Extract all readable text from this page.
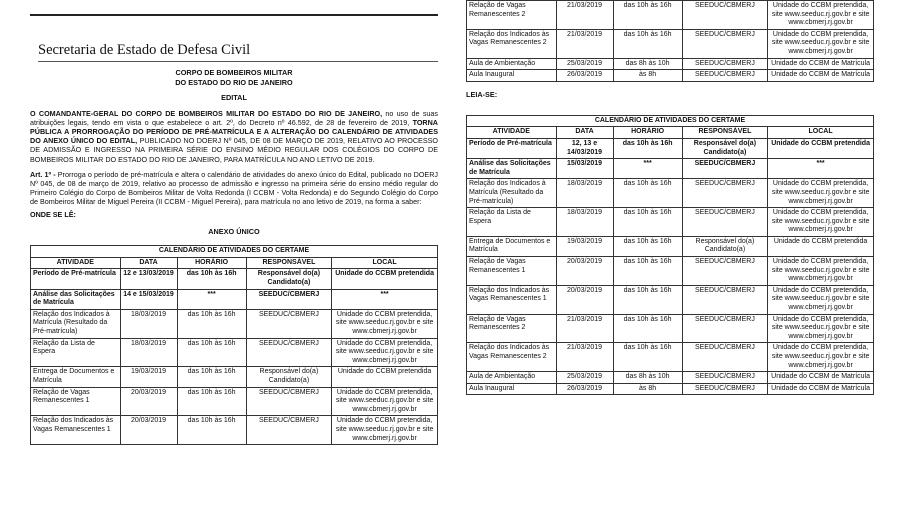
Secretaria de Estado de Defesa Civil
CORPO DE BOMBEIROS MILITAR
DO ESTADO DO RIO DE JANEIRO
EDITAL

O COMANDANTE-GERAL DO CORPO DE BOMBEIROS MILITAR DO ESTADO DO RIO DE JANEIRO, no uso de suas atribuições legais, tendo em vista o que estabelece o art. 2º, do Decreto nº 46.592, de 28 de fevereiro de 2019, TORNA PÚBLICA A PRORROGAÇÃO DO PERÍODO DE PRÉ-MATRÍCULA E A ALTERAÇÃO DO CALENDÁRIO DE ATIVIDADES DO ANEXO ÚNICO DO EDITAL, PUBLICADO NO DOERJ Nº 045, DE 08 DE MARÇO DE 2019, RELATIVO AO PROCESSO DE ADMISSÃO E INGRESSO NA PRIMEIRA SÉRIE DO ENSINO MÉDIO REGULAR DOS COLÉGIOS DO CORPO DE BOMBEIROS MILITAR DO ESTADO DO RIO DE JANEIRO, PARA MATRÍCULA NO ANO LETIVO DE 2019.

Art. 1º - Prorroga o período de pré-matrícula e altera o calendário de atividades do anexo único do Edital, publicado no DOERJ Nº 045, de 08 de março de 2019, relativo ao processo de admissão e ingresso na primeira série do ensino médio regular do Primeiro Colégio do Corpo de Bombeiros Militar de Volta Redonda (I CCBM - Volta Redonda) e do Segundo Colégio do Corpo de Bombeiros Militar de Miguel Pereira (II CCBM - Miguel Pereira), para matrícula no ano letivo de 2019, na forma a saber:

ONDE SE LÊ:
ANEXO ÚNICO
CALENDÁRIO DE ATIVIDADES DO CERTAME				
ATIVIDADE	DATA	HORÁRIO	RESPONSÁVEL	LOCAL
Período de Pré-matrícula	12 e 13/03/2019	das 10h às 16h	Responsável do(a) Candidato(a)	Unidade do CCBM pretendida
Análise das Solicitações de Matrícula	14 e 15/03/2019	***	SEEDUC/CBMERJ	***
Relação dos Indicados à Matrícula (Resultado da Pré-matrícula)	18/03/2019	das 10h às 16h	SEEDUC/CBMERJ	Unidade do CCBM pretendida, site www.seeduc.rj.gov.br e site www.cbmerj.rj.gov.br
Relação da Lista de Espera	18/03/2019	das 10h às 16h	SEEDUC/CBMERJ	Unidade do CCBM pretendida, site www.seeduc.rj.gov.br e site www.cbmerj.rj.gov.br
Entrega de Documentos e Matrícula	19/03/2019	das 10h às 16h	Responsável do(a) Candidato(a)	Unidade do CCBM pretendida
Relação de Vagas Remanescentes 1	20/03/2019	das 10h às 16h	SEEDUC/CBMERJ	Unidade do CCBM pretendida, site www.seeduc.rj.gov.br e site www.cbmerj.rj.gov.br
Relação dos Indicados às Vagas Remanescentes 1	20/03/2019	das 10h às 16h	SEEDUC/CBMERJ	Unidade do CCBM pretendida, site www.seeduc.rj.gov.br e site www.cbmerj.rj.gov.br
Relação de Vagas Remanescentes 2	21/03/2019	das 10h às 16h	SEEDUC/CBMERJ	Unidade do CCBM pretendida, site www.seeduc.rj.gov.br e site www.cbmerj.rj.gov.br
Relação dos Indicados às Vagas Remanescentes 2	21/03/2019	das 10h às 16h	SEEDUC/CBMERJ	Unidade do CCBM pretendida, site www.seeduc.rj.gov.br e site www.cbmerj.rj.gov.br
Aula de Ambientação	25/03/2019	das 8h às 10h	SEEDUC/CBMERJ	Unidade do CCBM de Matrícula
Aula Inaugural	26/03/2019	às 8h	SEEDUC/CBMERJ	Unidade do CCBM de Matrícula
LEIA-SE:
CALENDÁRIO DE ATIVIDADES DO CERTAME				
ATIVIDADE	DATA	HORÁRIO	RESPONSÁVEL	LOCAL
Período de Pré-matrícula	12, 13 e 14/03/2019	das 10h às 16h	Responsável do(a) Candidato(a)	Unidade do CCBM pretendida
Análise das Solicitações de Matrícula	15/03/2019	***	SEEDUC/CBMERJ	***
Relação dos Indicados à Matrícula (Resultado da Pré-matrícula)	18/03/2019	das 10h às 16h	SEEDUC/CBMERJ	Unidade do CCBM pretendida, site www.seeduc.rj.gov.br e site www.cbmerj.rj.gov.br
Relação da Lista de Espera	18/03/2019	das 10h às 16h	SEEDUC/CBMERJ	Unidade do CCBM pretendida, site www.seeduc.rj.gov.br e site www.cbmerj.rj.gov.br
Entrega de Documentos e Matrícula	19/03/2019	das 10h às 16h	Responsável do(a) Candidato(a)	Unidade do CCBM pretendida
Relação de Vagas Remanescentes 1	20/03/2019	das 10h às 16h	SEEDUC/CBMERJ	Unidade do CCBM pretendida, site www.seeduc.rj.gov.br e site www.cbmerj.rj.gov.br
Relação dos Indicados às Vagas Remanescentes 1	20/03/2019	das 10h às 16h	SEEDUC/CBMERJ	Unidade do CCBM pretendida, site www.seeduc.rj.gov.br e site www.cbmerj.rj.gov.br
Relação de Vagas Remanescentes 2	21/03/2019	das 10h às 16h	SEEDUC/CBMERJ	Unidade do CCBM pretendida, site www.seeduc.rj.gov.br e site www.cbmerj.rj.gov.br
Relação dos Indicados às Vagas Remanescentes 2	21/03/2019	das 10h às 16h	SEEDUC/CBMERJ	Unidade do CCBM pretendida, site www.seeduc.rj.gov.br e site www.cbmerj.rj.gov.br
Aula de Ambientação	25/03/2019	das 8h às 10h	SEEDUC/CBMERJ	Unidade do CCBM de Matrícula
Aula Inaugural	26/03/2019	às 8h	SEEDUC/CBMERJ	Unidade do CCBM de Matrícula
